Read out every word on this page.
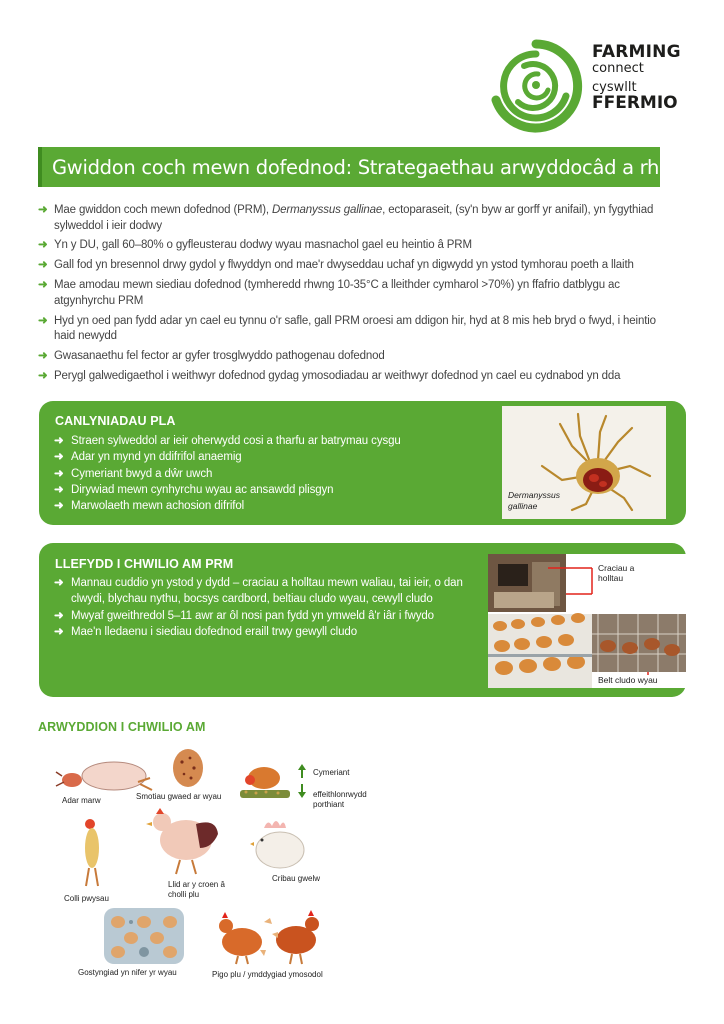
FARMING
connect
cyswllt
FFERMIO
Gwiddon coch mewn dofednod: Strategaethau arwyddocâd a rheoli
➜ Mae gwiddon coch mewn dofednod (PRM), Dermanyssus gallinae, ectoparaseit, (sy'n byw ar gorff yr anifail), yn fygythiad sylweddol i ieir dodwy
➜ Yn y DU, gall 60–80% o gyfleusterau dodwy wyau masnachol gael eu heintio â PRM
➜ Gall fod yn bresennol drwy gydol y flwyddyn ond mae'r dwyseddau uchaf yn digwydd yn ystod tymhorau poeth a llaith
➜ Mae amodau mewn siediau dofednod (tymheredd rhwng 10-35°C a lleithder cymharol >70%) yn ffafrio datblygu ac atgynhyrchu PRM
➜ Hyd yn oed pan fydd adar yn cael eu tynnu o'r safle, gall PRM oroesi am ddigon hir, hyd at 8 mis heb bryd o fwyd, i heintio haid newydd
➜ Gwasanaethu fel fector ar gyfer trosglwyddo pathogenau dofednod
➜ Perygl galwedigaethol i weithwyr dofednod gydag ymosodiadau ar weithwyr dofednod yn cael eu cydnabod yn dda
CANLYNIADAU PLA
➜ Straen sylweddol ar ieir oherwydd cosi a tharfu ar batrymau cysgu
➜ Adar yn mynd yn ddifrifol anaemig
➜ Cymeriant bwyd a dŵr uwch
➜ Dirywiad mewn cynhyrchu wyau ac ansawdd plisgyn
➜ Marwolaeth mewn achosion difrifol
Dermanyssus
gallinae
LLEFYDD I CHWILIO AM PRM
➜ Mannau cuddio yn ystod y dydd – craciau a holltau mewn waliau, tai ieir, o dan clwydi, blychau nythu, bocsys cardbord, beltiau cludo wyau, cewyll cludo
➜ Mwyaf gweithredol 5–11 awr ar ôl nosi pan fydd yn ymweld â'r iâr i fwydo
➜ Mae'n lledaenu i siediau dofednod eraill trwy gewyll cludo
Craciau a
holltau
Belt cludo wyau
ARWYDDION I CHWILIO AM
Adar marw	Smotiau gwaed ar wyau
Cymeriant
effeithlonrwydd
porthiant
Colli pwysau
Llid ar y croen â
cholli plu
Cribau gwelw
Gostyngiad yn nifer yr wyau	Pigo plu / ymddygiad ymosodol
